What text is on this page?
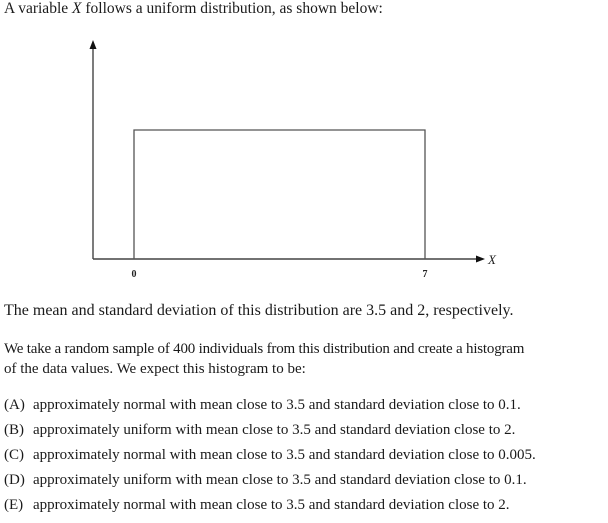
A variable X follows a uniform distribution, as shown below:
0	7
X
The mean and standard deviation of this distribution are 3.5 and 2, respectively.
We take a random sample of 400 individuals from this distribution and create a histogram
of the data values. We expect this histogram to be:
(A) approximately normal with mean close to 3.5 and standard deviation close to 0.1.
(B) approximately uniform with mean close to 3.5 and standard deviation close to 2.
(C) approximately normal with mean close to 3.5 and standard deviation close to 0.005.
(D) approximately uniform with mean close to 3.5 and standard deviation close to 0.1.
(E) approximately normal with mean close to 3.5 and standard deviation close to 2.
